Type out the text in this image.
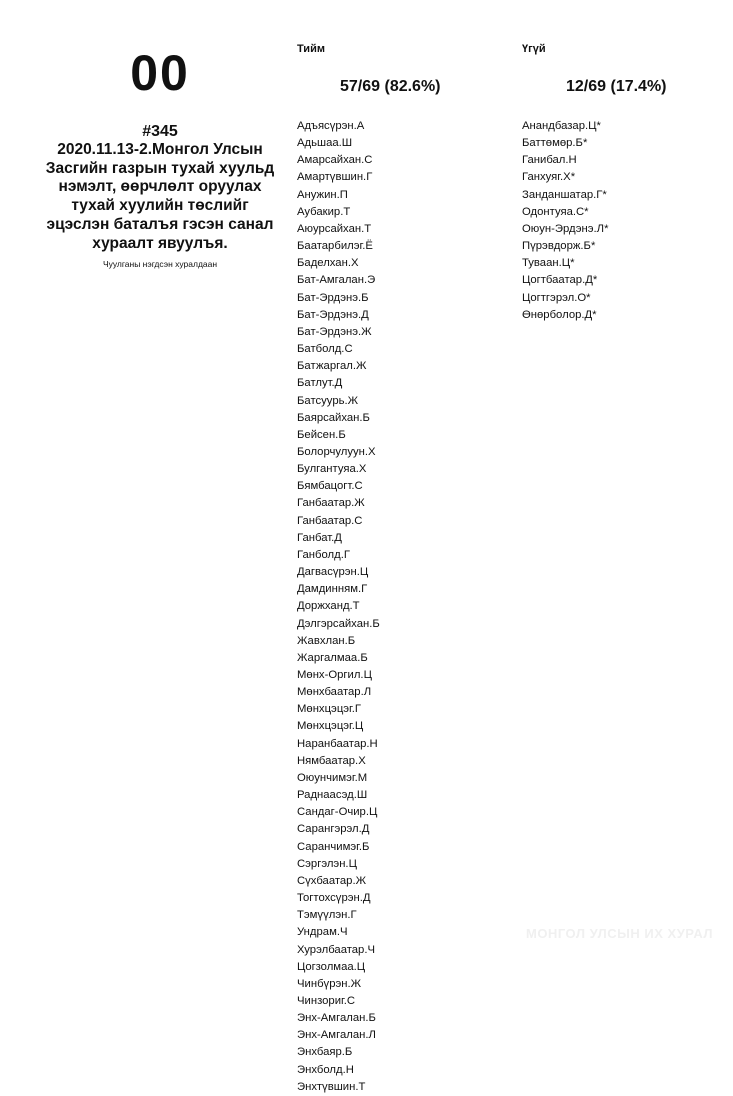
00
#345
2020.11.13-2.Монгол Улсын Засгийн газрын тухай хуульд нэмэлт, өөрчлөлт оруулах тухай хуулийн төслийг эцэслэн баталъя гэсэн санал хураалт явуулъя.
Чуулганы нэгдсэн хуралдаан
Тийм	Үгүй
57/69 (82.6%)	12/69 (17.4%)
Адъясүрэн.А
Адьшаа.Ш
Амарсайхан.С
Амартүвшин.Г
Анужин.П
Аубакир.Т
Аюурсайхан.Т
Баатарбилэг.Ё
Баделхан.Х
Бат-Амгалан.Э
Бат-Эрдэнэ.Б
Бат-Эрдэнэ.Д
Бат-Эрдэнэ.Ж
Батболд.С
Батжаргал.Ж
Батлут.Д
Батсуурь.Ж
Баярсайхан.Б
Бейсен.Б
Болорчулуун.Х
Булгантуяа.Х
Бямбацогт.С
Ганбаатар.Ж
Ганбаатар.С
Ганбат.Д
Ганболд.Г
Дагвасүрэн.Ц
Дамдинням.Г
Доржханд.Т
Дэлгэрсайхан.Б
Жавхлан.Б
Жаргалмаа.Б
Мөнх-Оргил.Ц
Мөнхбаатар.Л
Мөнхцэцэг.Г
Мөнхцэцэг.Ц
Наранбаатар.Н
Нямбаатар.Х
Оюунчимэг.М
Раднаасэд.Ш
Сандаг-Очир.Ц
Сарангэрэл.Д
Саранчимэг.Б
Сэргэлэн.Ц
Сүхбаатар.Ж
Тогтохсүрэн.Д
Тэмүүлэн.Г
Ундрам.Ч
Хурэлбаатар.Ч
Цогзолмаа.Ц
Чинбүрэн.Ж
Чинзориг.С
Энх-Амгалан.Б
Энх-Амгалан.Л
Энхбаяр.Б
Энхболд.Н
Энхтүвшин.Т
Анандбазар.Ц*
Баттөмөр.Б*
Ганибал.Н
Ганхуяг.Х*
Занданшатар.Г*
Одонтуяа.С*
Оюун-Эрдэнэ.Л*
Пүрэвдорж.Б*
Туваан.Ц*
Цогтбаатар.Д*
Цогтгэрэл.О*
Өнөрболор.Д*
МОНГОЛ УЛСЫН ИХ ХУРАЛ
